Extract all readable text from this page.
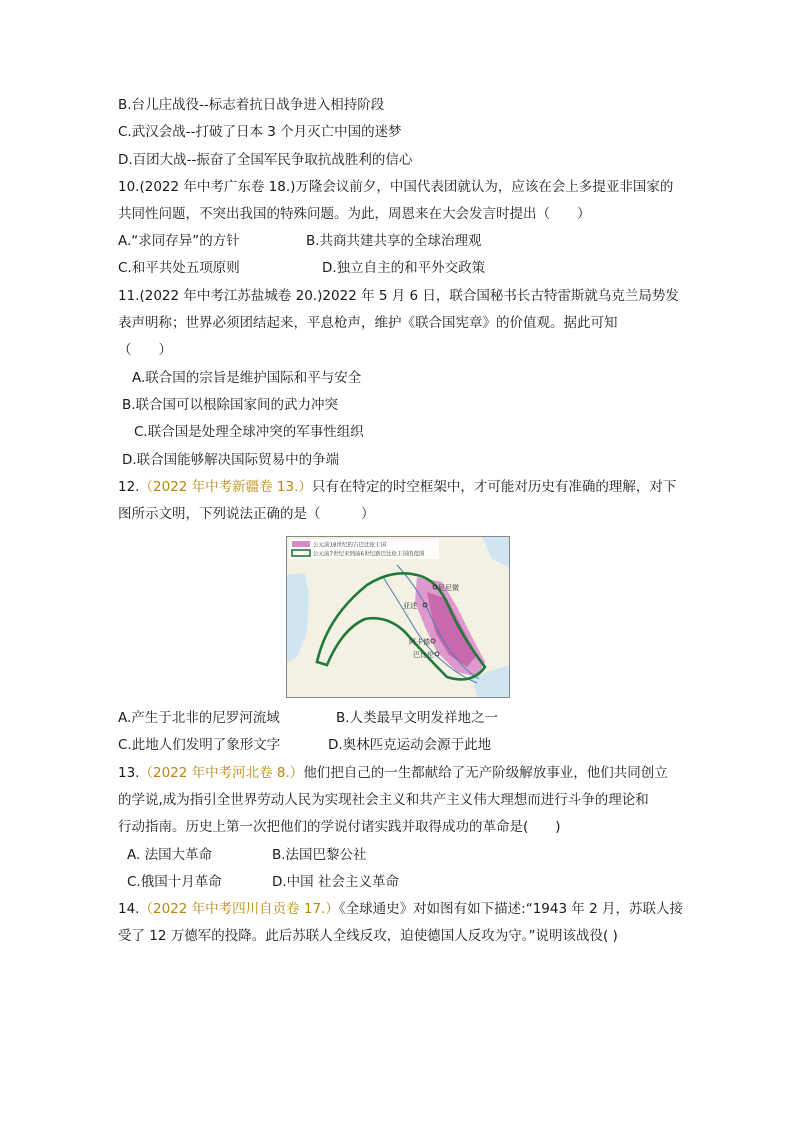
B.台儿庄战役--标志着抗日战争进入相持阶段
C.武汉会战--打破了日本 3 个月灭亡中国的迷梦
D.百团大战--振奋了全国军民争取抗战胜利的信心
10.(2022 年中考广东卷 18.)万隆会议前夕，中国代表团就认为，应该在会上多提亚非国家的
共同性问题，不突出我国的特殊问题。为此，周恩来在大会发言时提出（　　）
A.“求同存异”的方针	B.共商共建共享的全球治理观
C.和平共处五项原则	D.独立自主的和平外交政策
11.(2022 年中考江苏盐城卷 20.)2022 年 5 月 6 日，联合国秘书长古特雷斯就乌克兰局势发
表声明称；世界必须团结起来，平息枪声，维护《联合国宪章》的价值观。据此可知
（　　）
A.联合国的宗旨是维护国际和平与安全
B.联合国可以根除国家间的武力冲突
C.联合国是处理全球冲突的军事性组织
D.联合国能够解决国际贸易中的争端
12.（2022 年中考新疆卷 13.）只有在特定的时空框架中，才可能对历史有准确的理解，对下
图所示文明，下列说法正确的是（　　　）
公元前18世纪的古巴比伦王国
公元前7世纪末到前6世纪新巴比伦王国的范围
尼尼微
亚述
阿卡德
巴比伦
A.产生于北非的尼罗河流域	B.人类最早文明发祥地之一
C.此地人们发明了象形文字	D.奥林匹克运动会源于此地
13.（2022 年中考河北卷 8.）他们把自己的一生都献给了无产阶级解放事业，他们共同创立
的学说,成为指引全世界劳动人民为实现社会主义和共产主义伟大理想而进行斗争的理论和
行动指南。历史上第一次把他们的学说付诸实践并取得成功的革命是(　　)
A. 法国大革命	B.法国巴黎公社
C.俄国十月革命	D.中国 社会主义革命
14.（2022 年中考四川自贡卷 17.）《全球通史》对如图有如下描述:“1943 年 2 月，苏联人接
受了 12 万德军的投降。此后苏联人全线反攻，迫使德国人反攻为守。”说明该战役( )
